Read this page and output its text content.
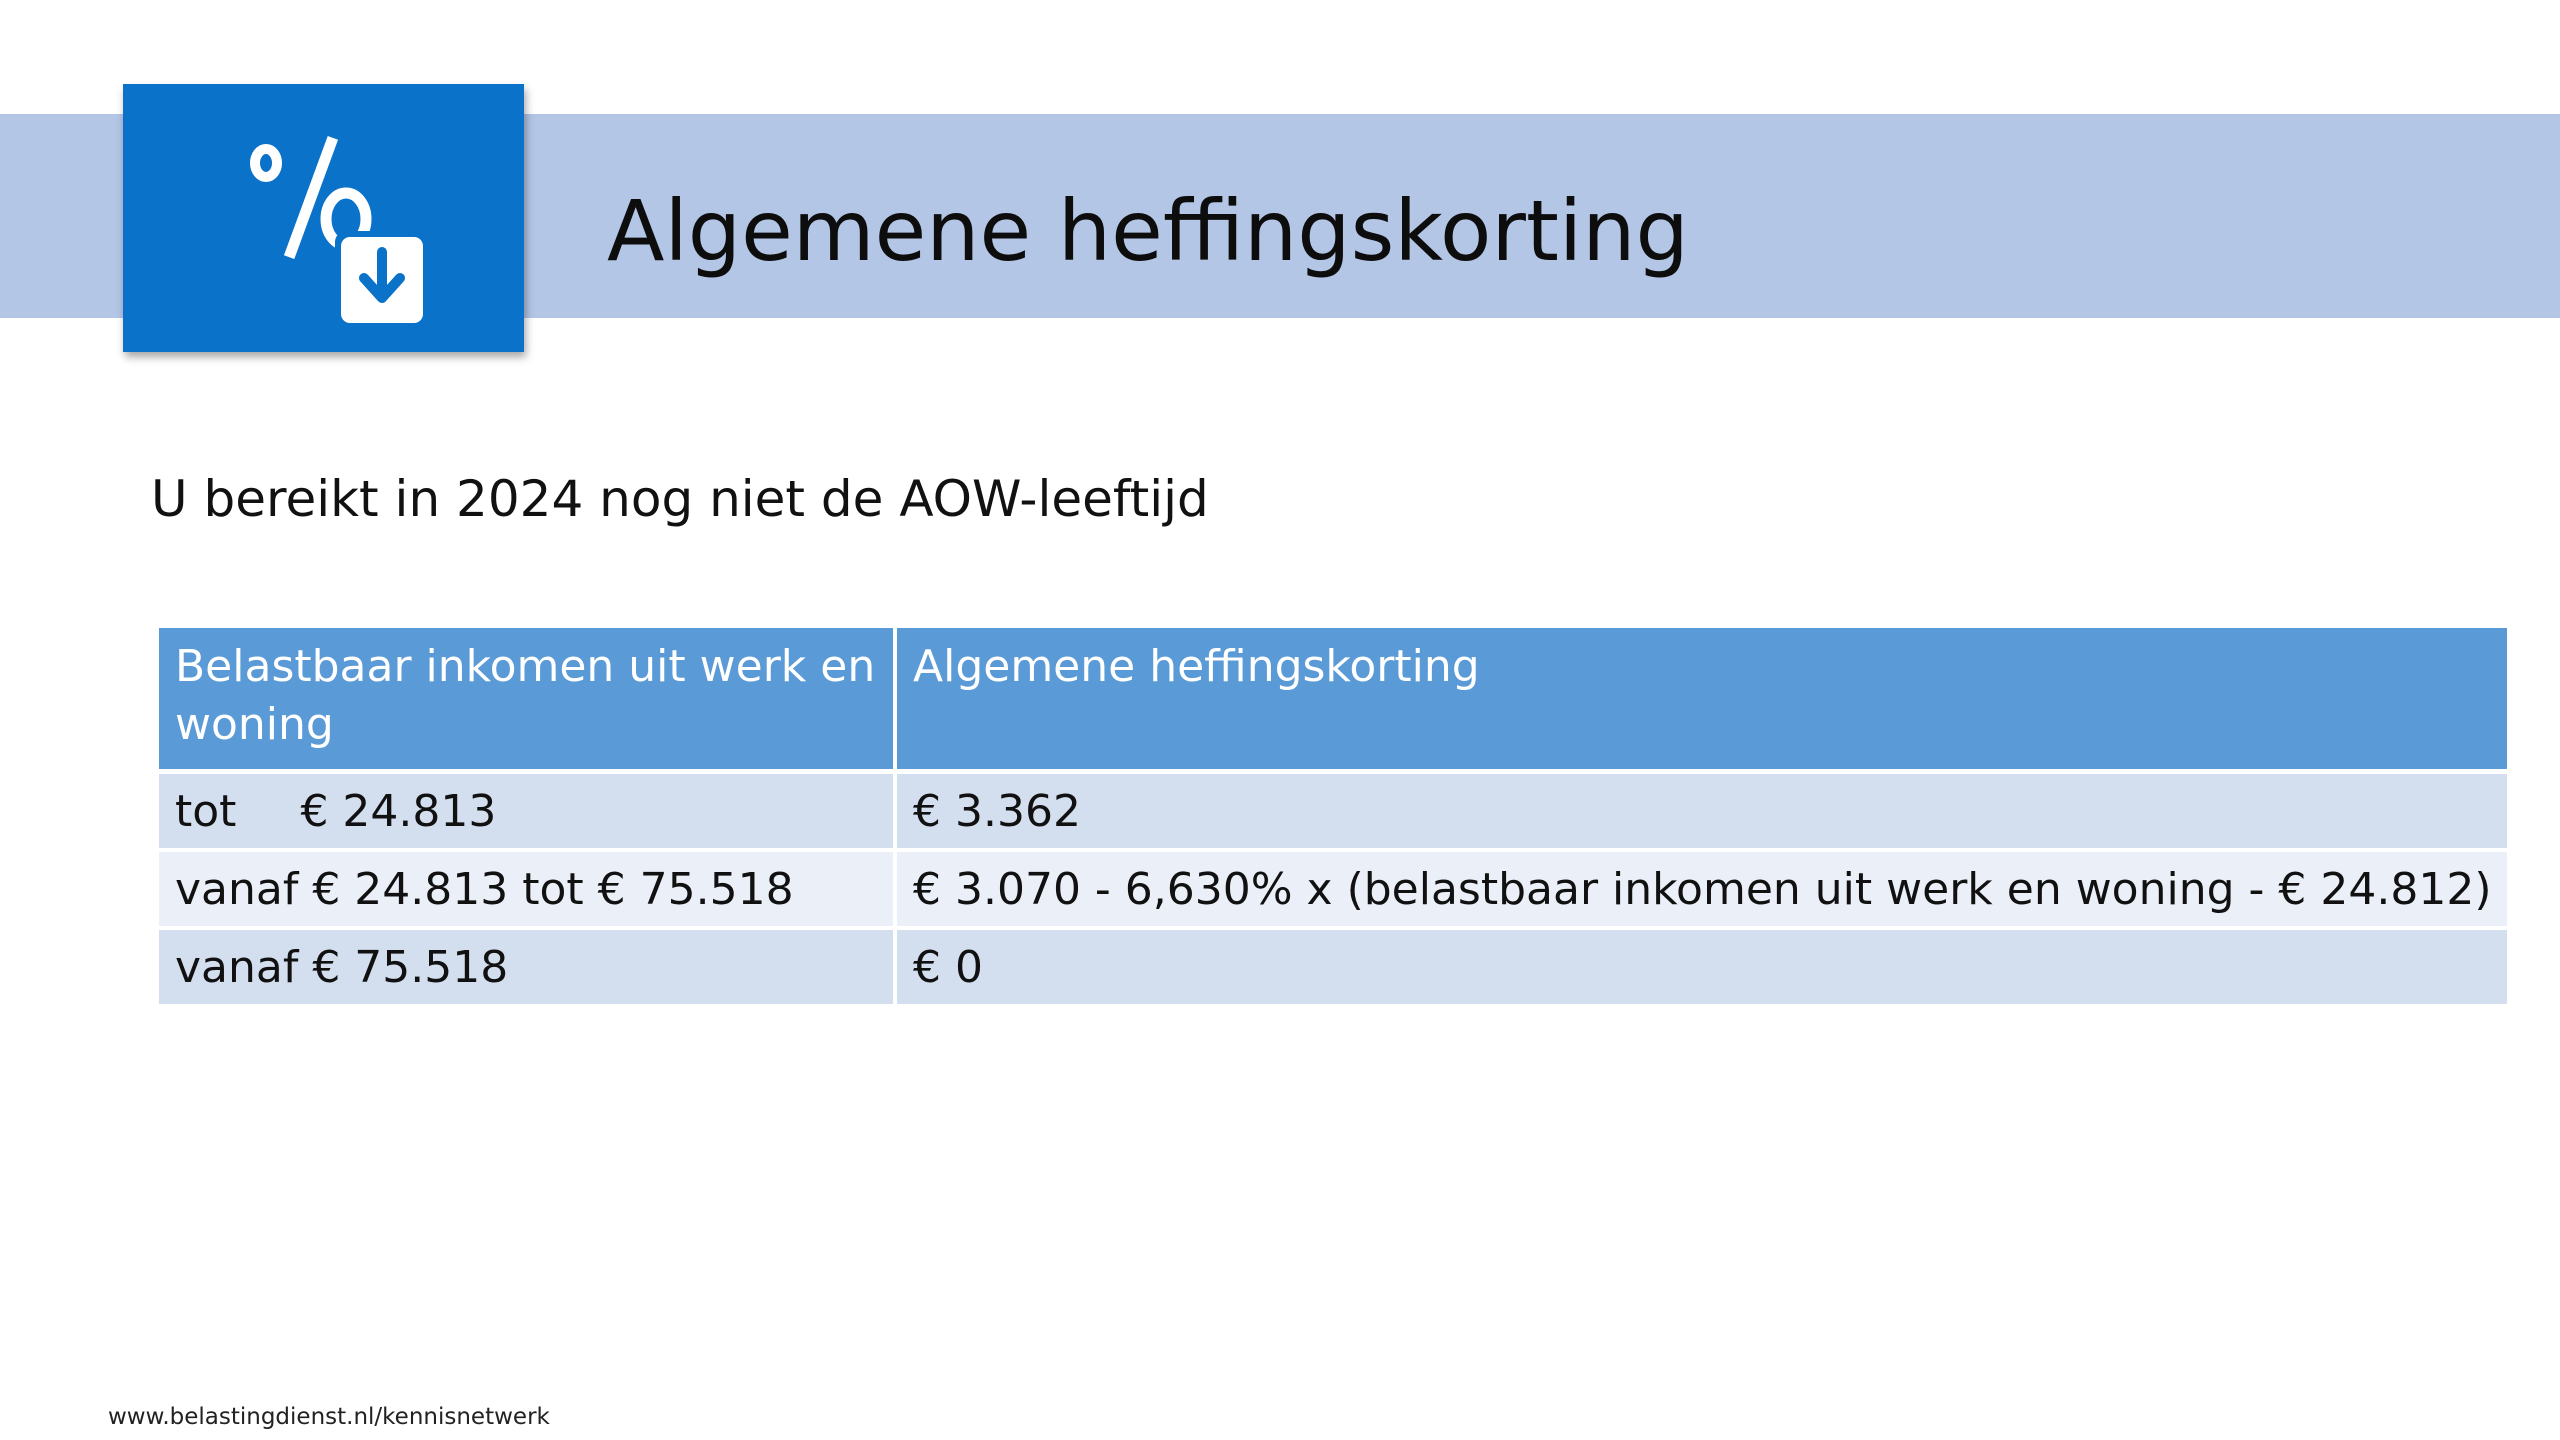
Algemene heffingskorting
U bereikt in 2024 nog niet de AOW-leeftijd
Belastbaar inkomen uit werk en woning	Algemene heffingskorting
tot € 24.813	€ 3.362
vanaf € 24.813 tot € 75.518	€ 3.070 - 6,630% x (belastbaar inkomen uit werk en woning - € 24.812)
vanaf € 75.518	€ 0
www.belastingdienst.nl/kennisnetwerk
